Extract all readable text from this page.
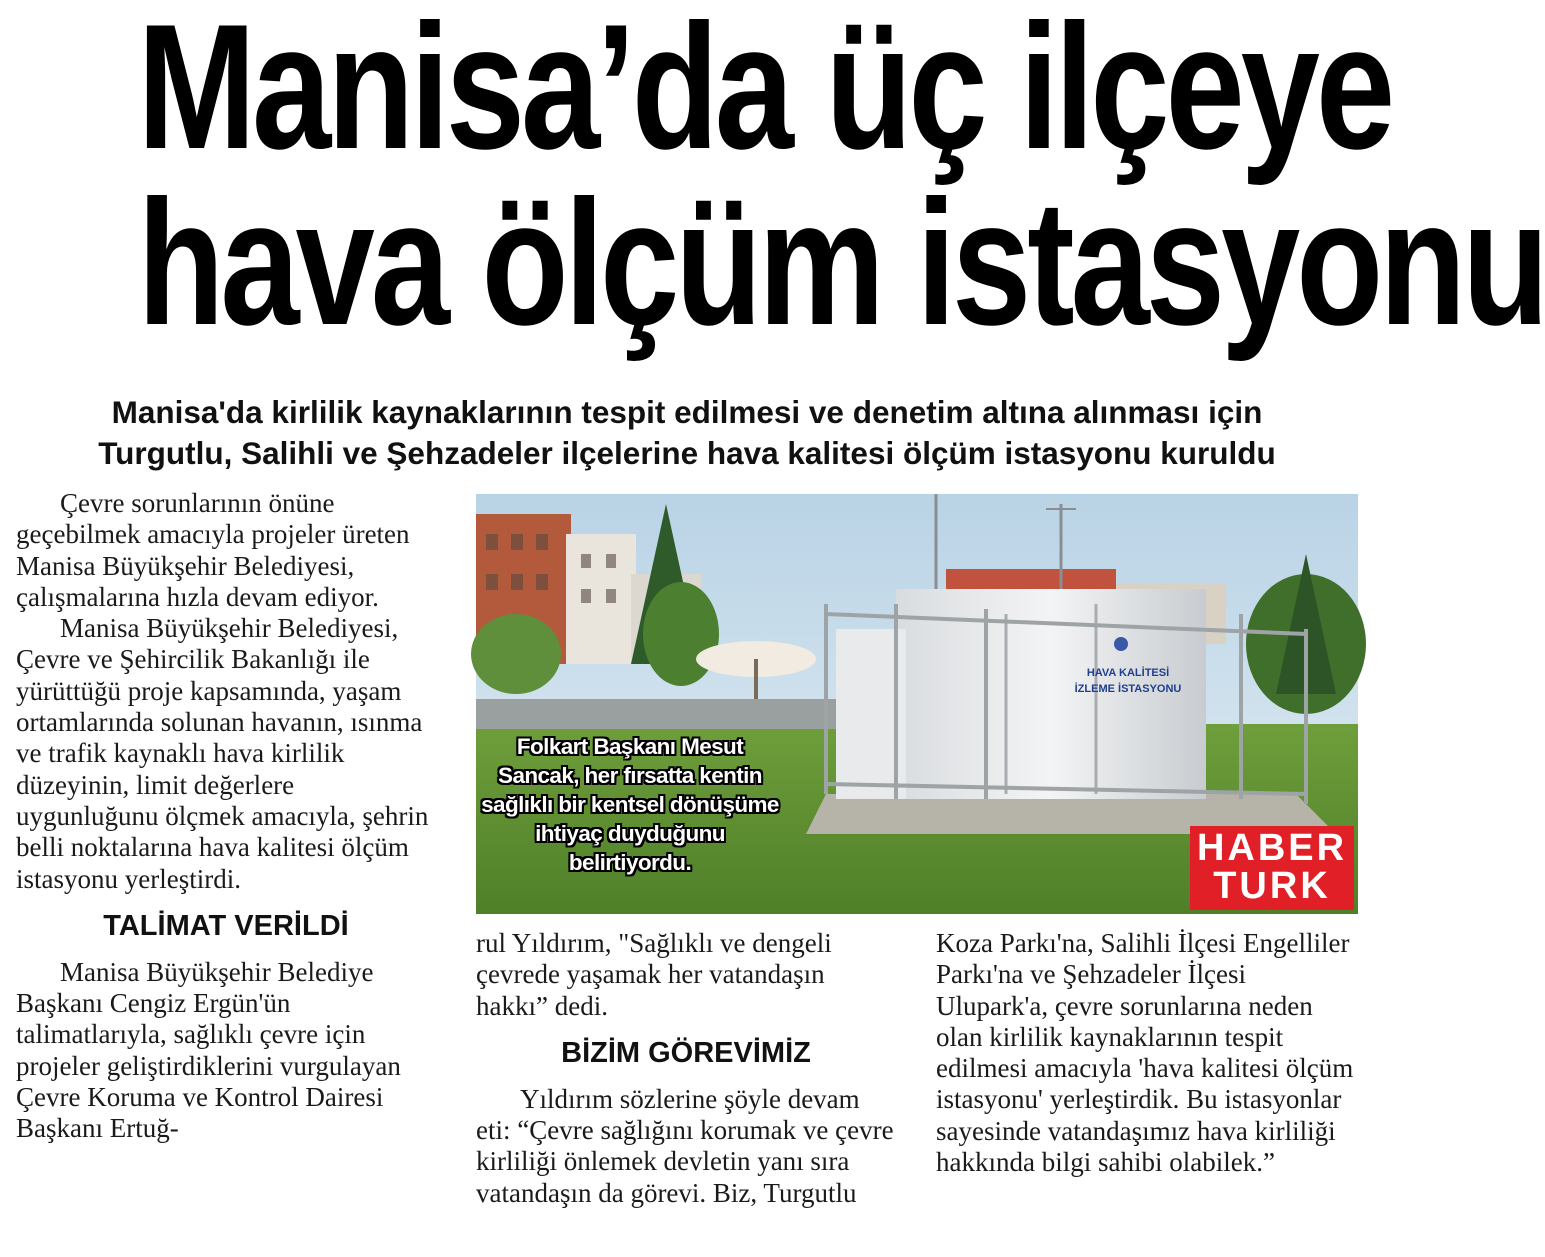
Manisa’da üç ilçeye
hava ölçüm istasyonu
Manisa'da kirlilik kaynaklarının tespit edilmesi ve denetim altına alınması için
Turgutlu, Salihli ve Şehzadeler ilçelerine hava kalitesi ölçüm istasyonu kuruldu

Çevre sorunlarının önüne geçebilmek amacıyla projeler üreten Manisa Büyükşehir Belediyesi, çalışmalarına hızla devam ediyor.

Manisa Büyükşehir Belediyesi, Çevre ve Şehircilik Bakanlığı ile yürüttüğü proje kapsamında, yaşam ortamlarında solunan havanın, ısınma ve trafik kaynaklı hava kirlilik düzeyinin, limit değerlere uygunluğunu ölçmek amacıyla, şehrin belli noktalarına hava kalitesi ölçüm istasyonu yerleştirdi.

TALİMAT VERİLDİ

Manisa Büyükşehir Belediye Başkanı Cengiz Ergün'ün talimatlarıyla, sağlıklı çevre için projeler geliştirdiklerini vurgulayan Çevre Koruma ve Kontrol Dairesi Başkanı Ertuğ-

HAVA KALİTESİ
İZLEME İSTASYONU
Folkart Başkanı Mesut Sancak, her fırsatta kentin sağlıklı bir kentsel dönüşüme ihtiyaç duyduğunu belirtiyordu.	HABER
TURK

rul Yıldırım, "Sağlıklı ve dengeli çevrede yaşamak her vatandaşın hakkı” dedi.

BİZİM GÖREVİMİZ

Yıldırım sözlerine şöyle devam eti: “Çevre sağlığını korumak ve çevre kirliliği önlemek devletin yanı sıra vatandaşın da görevi. Biz, Turgutlu

Koza Parkı'na, Salihli İlçesi Engelliler Parkı'na ve Şehzadeler İlçesi Ulupark'a, çevre sorunlarına neden olan kirlilik kaynaklarının tespit edilmesi amacıyla 'hava kalitesi ölçüm istasyonu' yerleştirdik. Bu istasyonlar sayesinde vatandaşımız hava kirliliği hakkında bilgi sahibi olabilek.”
